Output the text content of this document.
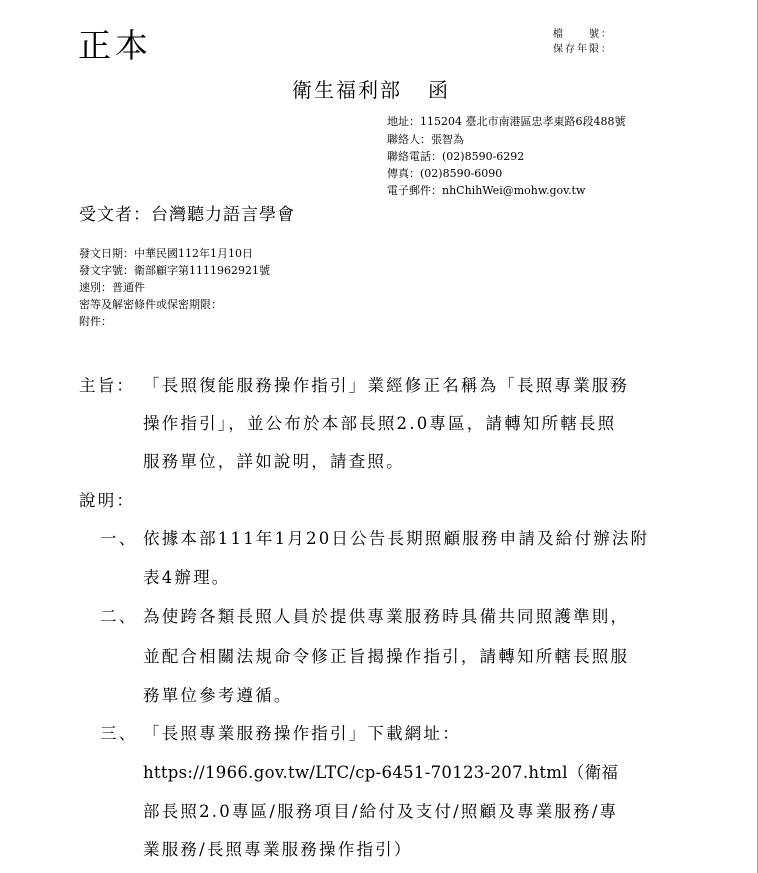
正本	檔　　號：
保存年限：
衛生福利部 函
地址：115204 臺北市南港區忠孝東路6段488號
聯絡人：張智為
聯絡電話：(02)8590-6292
傳真：(02)8590-6090
電子郵件：nhChihWei@mohw.gov.tw
受文者：台灣聽力語言學會
發文日期：中華民國112年1月10日
發文字號：衛部顧字第1111962921號
速別：普通件
密等及解密條件或保密期限：
附件：
主旨： 「長照復能服務操作指引」業經修正名稱為「長照專業服務
操作指引」，並公布於本部長照2.0專區，請轉知所轄長照
服務單位，詳如說明，請查照。
說明：
一、 依據本部111年1月20日公告長期照顧服務申請及給付辦法附
表4辦理。
二、 為使跨各類長照人員於提供專業服務時具備共同照護準則，
並配合相關法規命令修正旨揭操作指引，請轉知所轄長照服
務單位參考遵循。
三、 「長照專業服務操作指引」下載網址：
https://1966.gov.tw/LTC/cp-6451-70123-207.html（衛福
部長照2.0專區/服務項目/給付及支付/照顧及專業服務/專
業服務/長照專業服務操作指引）
